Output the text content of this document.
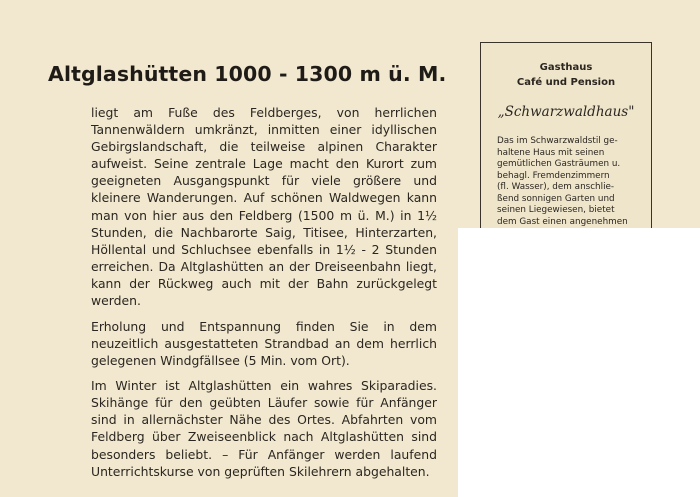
Altglashütten 1000 - 1300 m ü. M.

liegt am Fuße des Feldberges, von herrlichen Tannenwäldern umkränzt, inmitten einer idyllischen Gebirgslandschaft, die teilweise alpinen Charakter aufweist. Seine zentrale Lage macht den Kurort zum geeigneten Ausgangspunkt für viele größere und kleinere Wanderungen. Auf schönen Waldwegen kann man von hier aus den Feldberg (1500 m ü. M.) in 1½ Stunden, die Nachbarorte Saig, Titisee, Hinterzarten, Höllental und Schluchsee ebenfalls in 1½ - 2 Stunden erreichen. Da Altglashütten an der Dreiseenbahn liegt, kann der Rückweg auch mit der Bahn zurückgelegt werden.

Erholung und Entspannung finden Sie in dem neuzeitlich ausgestatteten Strandbad an dem herrlich gelegenen Windgfällsee (5 Min. vom Ort).

Im Winter ist Altglashütten ein wahres Skiparadies. Skihänge für den geübten Läufer sowie für Anfänger sind in allernächster Nähe des Ortes. Abfahrten vom Feldberg über Zweiseenblick nach Altglashütten sind besonders beliebt. – Für Anfänger werden laufend Unterrichtskurse von geprüften Skilehrern abgehalten.

Gasthaus
Café und Pension
„Schwarzwaldhaus"
Das im Schwarzwaldstil ge-
haltene Haus mit seinen
gemütlichen Gasträumen u.
behagl. Fremdenzimmern
(fl. Wasser), dem anschlie-
ßend sonnigen Garten und
seinen Liegewiesen, bietet
dem Gast einen angenehmen
